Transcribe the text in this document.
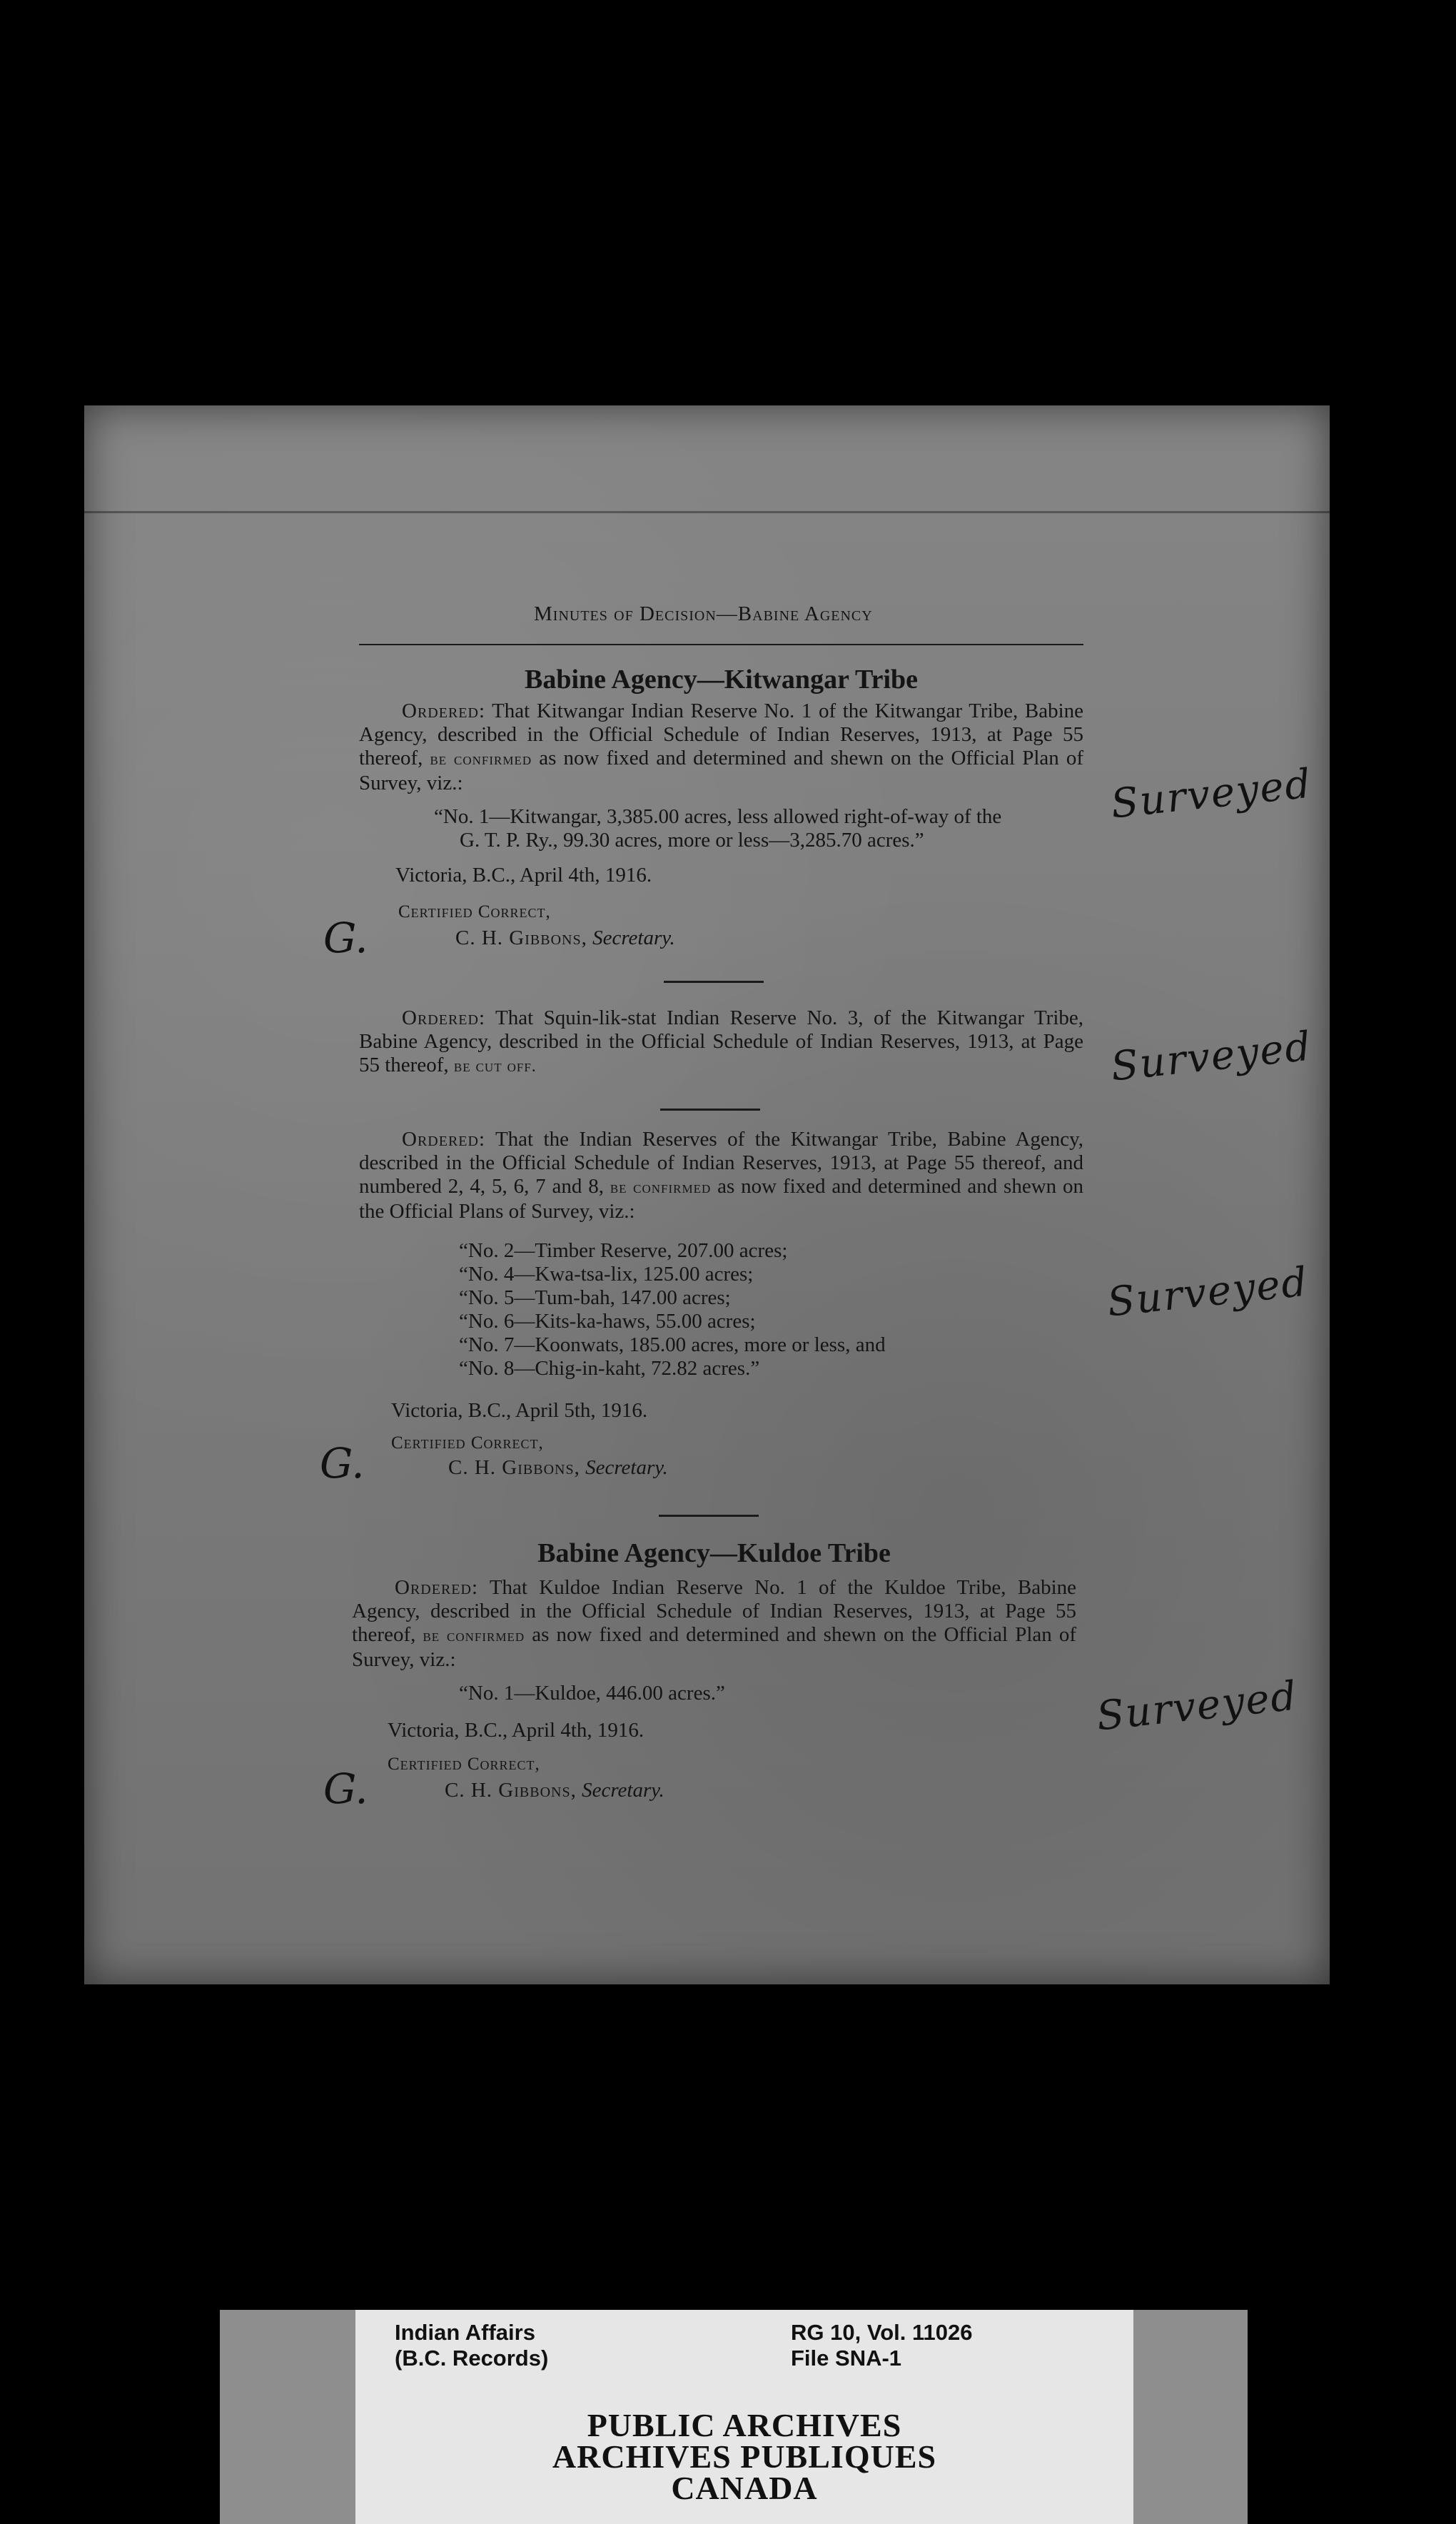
Minutes of Decision—Babine Agency
Babine Agency—Kitwangar Tribe
Ordered: That Kitwangar Indian Reserve No. 1 of the Kitwangar Tribe, Babine Agency, described in the Official Schedule of Indian Reserves, 1913, at Page 55 thereof, be confirmed as now fixed and determined and shewn on the Official Plan of Survey, viz.:
“No. 1—Kitwangar, 3,385.00 acres, less allowed right-of-way of the
G. T. P. Ry., 99.30 acres, more or less—3,285.70 acres.”
Victoria, B.C., April 4th, 1916.
Certified Correct,
C. H. Gibbons, Secretary.
G.
Ordered: That Squin-lik-stat Indian Reserve No. 3, of the Kitwangar Tribe, Babine Agency, described in the Official Schedule of Indian Reserves, 1913, at Page 55 thereof, be cut off.
Ordered: That the Indian Reserves of the Kitwangar Tribe, Babine Agency, described in the Official Schedule of Indian Reserves, 1913, at Page 55 thereof, and numbered 2, 4, 5, 6, 7 and 8, be confirmed as now fixed and determined and shewn on the Official Plans of Survey, viz.:
“No. 2—Timber Reserve, 207.00 acres;
“No. 4—Kwa-tsa-lix, 125.00 acres;
“No. 5—Tum-bah, 147.00 acres;
“No. 6—Kits-ka-haws, 55.00 acres;
“No. 7—Koonwats, 185.00 acres, more or less, and
“No. 8—Chig-in-kaht, 72.82 acres.”
Victoria, B.C., April 5th, 1916.
Certified Correct,
C. H. Gibbons, Secretary.
G.
Babine Agency—Kuldoe Tribe
Ordered: That Kuldoe Indian Reserve No. 1 of the Kuldoe Tribe, Babine Agency, described in the Official Schedule of Indian Reserves, 1913, at Page 55 thereof, be confirmed as now fixed and determined and shewn on the Official Plan of Survey, viz.:
“No. 1—Kuldoe, 446.00 acres.”
Victoria, B.C., April 4th, 1916.
Certified Correct,
C. H. Gibbons, Secretary.
G.
Surveyed
Surveyed
Surveyed
Surveyed
Indian Affairs
(B.C. Records)
RG 10, Vol. 11026
File SNA-1
PUBLIC ARCHIVES
ARCHIVES PUBLIQUES
CANADA
